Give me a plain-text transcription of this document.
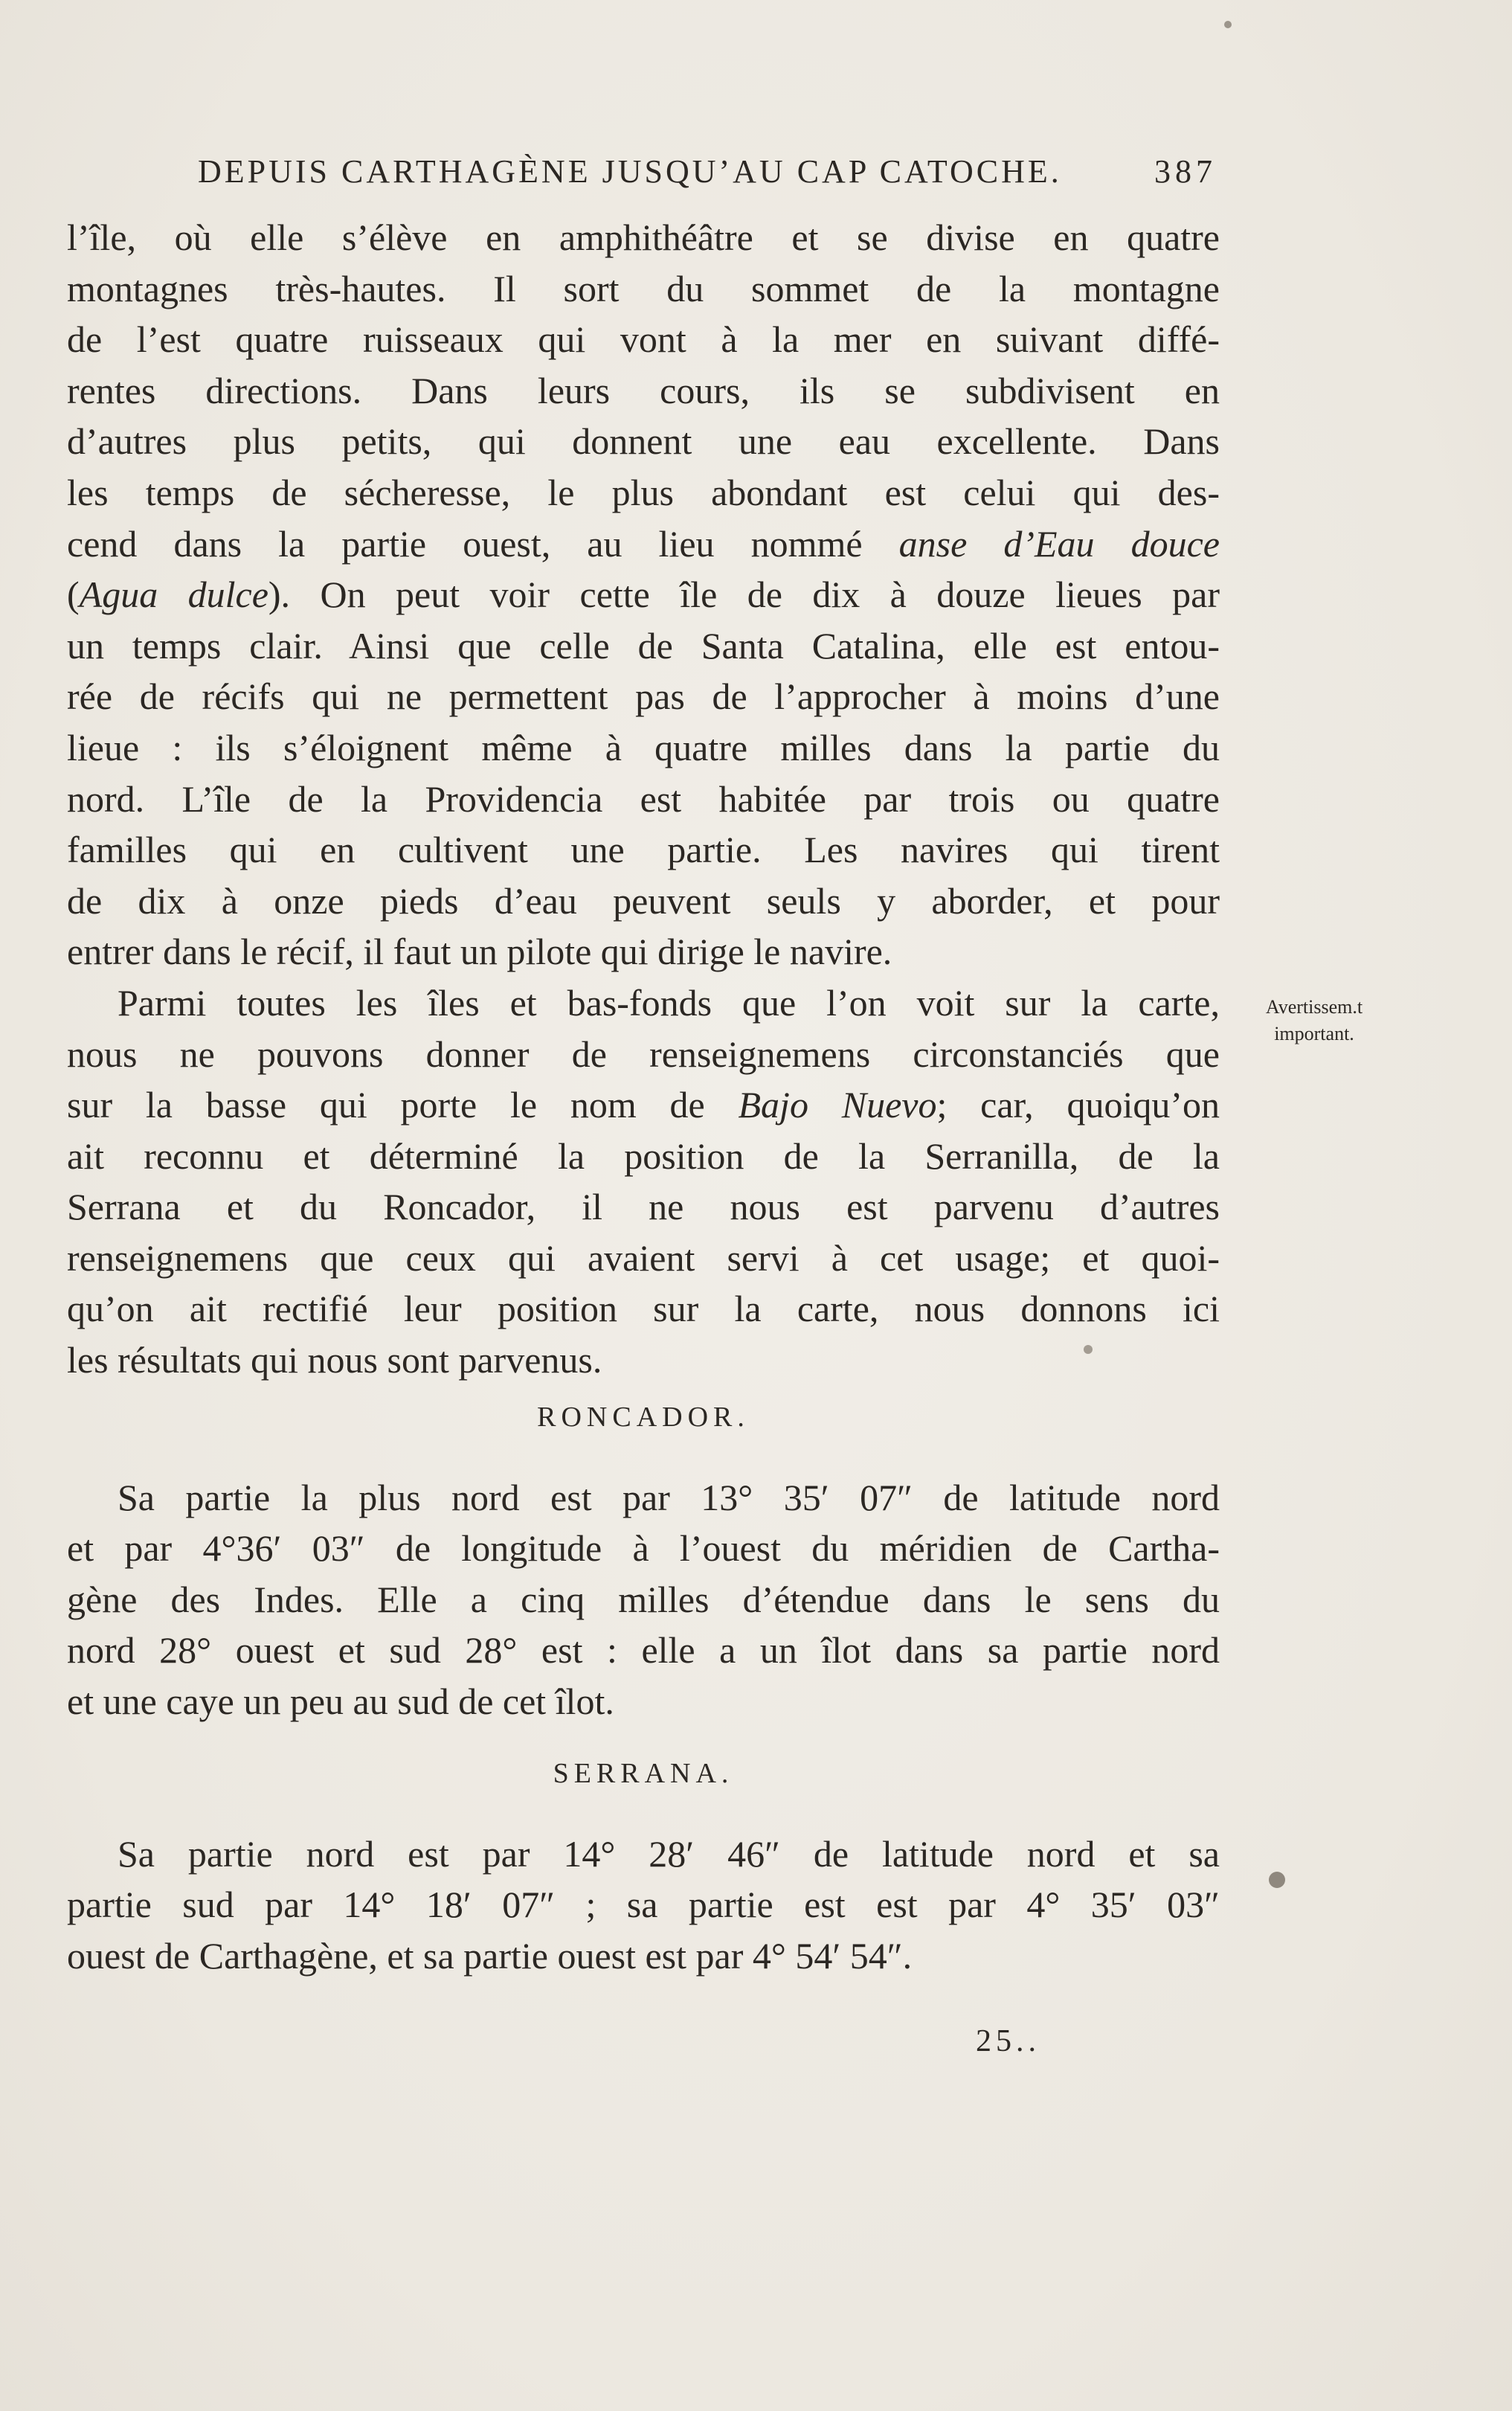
DEPUIS CARTHAGÈNE JUSQU’AU CAP CATOCHE.	387
l’île, où elle s’élève en amphithéâtre et se divise en quatre
montagnes très-hautes. Il sort du sommet de la montagne
de l’est quatre ruisseaux qui vont à la mer en suivant diffé-
rentes directions. Dans leurs cours, ils se subdivisent en
d’autres plus petits, qui donnent une eau excellente. Dans
les temps de sécheresse, le plus abondant est celui qui des-
cend dans la partie ouest, au lieu nommé anse d’Eau douce
(Agua dulce). On peut voir cette île de dix à douze lieues par
un temps clair. Ainsi que celle de Santa Catalina, elle est entou-
rée de récifs qui ne permettent pas de l’approcher à moins d’une
lieue : ils s’éloignent même à quatre milles dans la partie du
nord. L’île de la Providencia est habitée par trois ou quatre
familles qui en cultivent une partie. Les navires qui tirent
de dix à onze pieds d’eau peuvent seuls y aborder, et pour
entrer dans le récif, il faut un pilote qui dirige le navire.
Parmi toutes les îles et bas-fonds que l’on voit sur la carte,
nous ne pouvons donner de renseignemens circonstanciés que
sur la basse qui porte le nom de Bajo Nuevo; car, quoiqu’on
ait reconnu et déterminé la position de la Serranilla, de la
Serrana et du Roncador, il ne nous est parvenu d’autres
renseignemens que ceux qui avaient servi à cet usage; et quoi-
qu’on ait rectifié leur position sur la carte, nous donnons ici
les résultats qui nous sont parvenus.
RONCADOR.
Sa partie la plus nord est par 13° 35′ 07″ de latitude nord
et par 4°36′ 03″ de longitude à l’ouest du méridien de Cartha-
gène des Indes. Elle a cinq milles d’étendue dans le sens du
nord 28° ouest et sud 28° est : elle a un îlot dans sa partie nord
et une caye un peu au sud de cet îlot.
SERRANA.
Sa partie nord est par 14° 28′ 46″ de latitude nord et sa
partie sud par 14° 18′ 07″ ; sa partie est est par 4° 35′ 03″
ouest de Carthagène, et sa partie ouest est par 4° 54′ 54″.
Avertissem.t
important.
25..
